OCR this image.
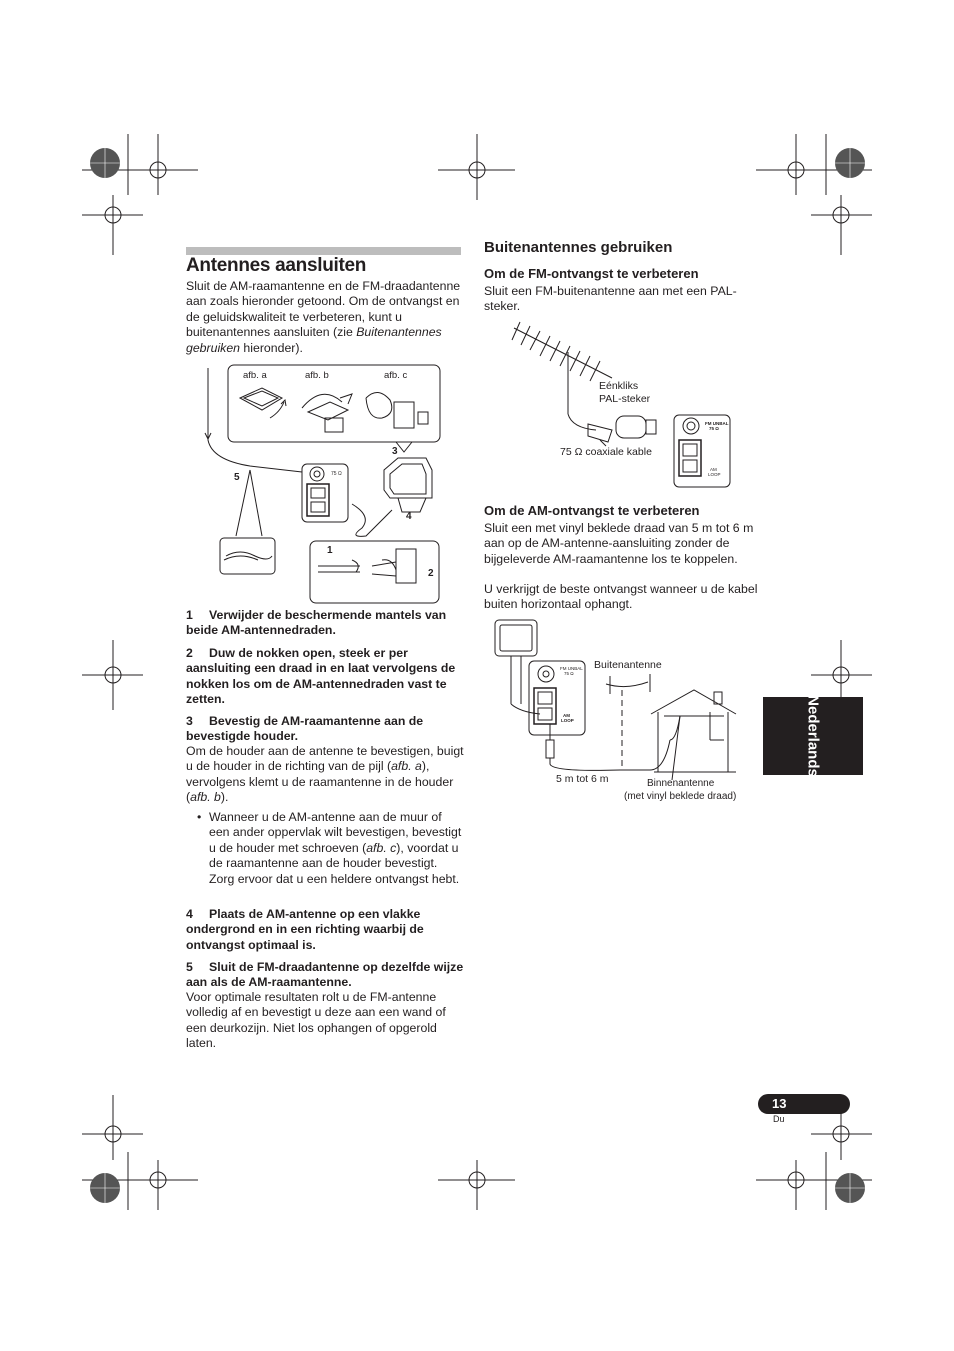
Antennes aansluiten

Sluit de AM-raamantenne en de FM-draadantenne aan zoals hieronder getoond. Om de ontvangst en de geluidskwaliteit te verbeteren, kunt u buitenantennes aansluiten (zie Buitenantennes gebruiken hieronder).

afb. a	afb. b	afb. c
3
5
4
1
2
75 Ω

1 Verwijder de beschermende mantels van beide AM-antennedraden.

2 Duw de nokken open, steek er per aansluiting een draad in en laat vervolgens de nokken los om de AM-antennedraden vast te zetten.

3 Bevestig de AM-raamantenne aan de bevestigde houder.

Om de houder aan de antenne te bevestigen, buigt u de houder in de richting van de pijl (afb. a), vervolgens klemt u de raamantenne in de houder (afb. b).

• Wanneer u de AM-antenne aan de muur of een ander oppervlak wilt bevestigen, bevestigt u de houder met schroeven (afb. c), voordat u de raamantenne aan de houder bevestigt. Zorg ervoor dat u een heldere ontvangst hebt.

4 Plaats de AM-antenne op een vlakke ondergrond en in een richting waarbij de ontvangst optimaal is.

5 Sluit de FM-draadantenne op dezelfde wijze aan als de AM-raamantenne.

Voor optimale resultaten rolt u de FM-antenne volledig af en bevestigt u deze aan een wand of een deurkozijn. Niet los ophangen of opgerold laten.

Buitenantennes gebruiken
Om de FM-ontvangst te verbeteren

Sluit een FM-buitenantenne aan met een PAL-steker.

Eénkliks
PAL-steker
75 Ω coaxiale kable
FM UNBAL
75 Ω
AM
LOOP
Om de AM-ontvangst te verbeteren

Sluit een met vinyl beklede draad van 5 m tot 6 m aan op de AM-antenne-aansluiting zonder de bijgeleverde AM-raamantenne los te koppelen.

U verkrijgt de beste ontvangst wanneer u de kabel buiten horizontaal ophangt.

Buitenantenne
5 m tot 6 m	Binnenantenne
(met vinyl beklede draad)
FM UNBAL
75 Ω
AM
LOOP	Nederlands
13
Du
